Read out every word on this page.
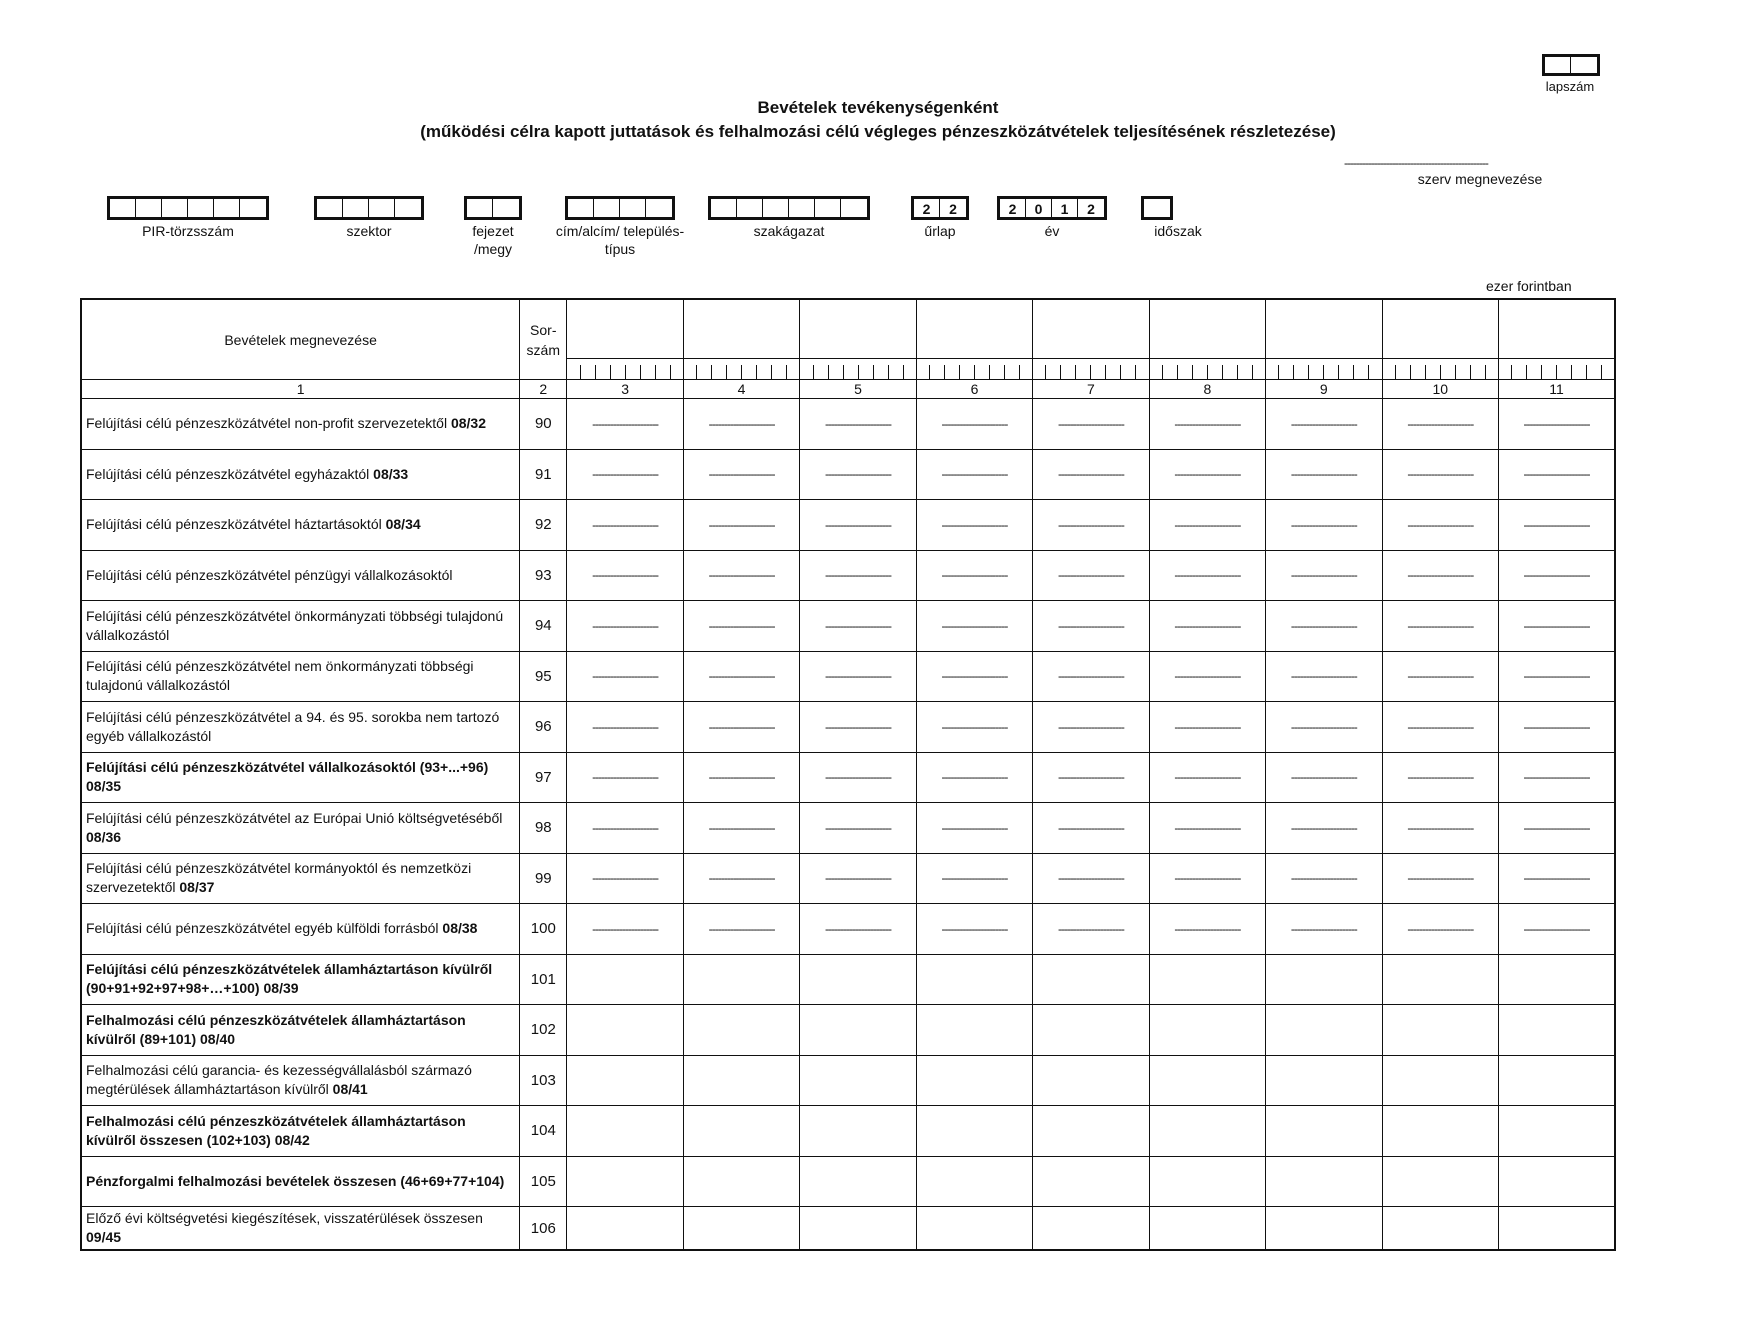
lapszám
Bevételek tevékenységenként
(működési célra kapott juttatások és felhalmozási célú végleges pénzeszközátvételek teljesítésének részletezése)
------------------------------------------------
szerv megnevezése
PIR-törzsszám	szektor	fejezet /megy
cím/alcím/ település-típus
szakágazat
2	2
űrlap
2	0	1	2
év	időszak
ezer forintban
Bevételek megnevezése	Sor- szám									

1	2	3	4	5	6	7	8	9	10	11
Felújítási célú pénzeszközátvétel non-profit szervezetektől 08/32	90	----------------------	----------------------	----------------------	----------------------	----------------------	----------------------	----------------------	----------------------	----------------------
Felújítási célú pénzeszközátvétel egyházaktól 08/33	91	----------------------	----------------------	----------------------	----------------------	----------------------	----------------------	----------------------	----------------------	----------------------
Felújítási célú pénzeszközátvétel háztartásoktól 08/34	92	----------------------	----------------------	----------------------	----------------------	----------------------	----------------------	----------------------	----------------------	----------------------
Felújítási célú pénzeszközátvétel pénzügyi vállalkozásoktól	93	----------------------	----------------------	----------------------	----------------------	----------------------	----------------------	----------------------	----------------------	----------------------
Felújítási célú pénzeszközátvétel önkormányzati többségi tulajdonú vállalkozástól	94	----------------------	----------------------	----------------------	----------------------	----------------------	----------------------	----------------------	----------------------	----------------------
Felújítási célú pénzeszközátvétel nem önkormányzati többségi tulajdonú vállalkozástól	95	----------------------	----------------------	----------------------	----------------------	----------------------	----------------------	----------------------	----------------------	----------------------
Felújítási célú pénzeszközátvétel a 94. és 95. sorokba nem tartozó egyéb vállalkozástól	96	----------------------	----------------------	----------------------	----------------------	----------------------	----------------------	----------------------	----------------------	----------------------
Felújítási célú pénzeszközátvétel vállalkozásoktól (93+...+96) 08/35	97	----------------------	----------------------	----------------------	----------------------	----------------------	----------------------	----------------------	----------------------	----------------------
Felújítási célú pénzeszközátvétel az Európai Unió költségvetéséből 08/36	98	----------------------	----------------------	----------------------	----------------------	----------------------	----------------------	----------------------	----------------------	----------------------
Felújítási célú pénzeszközátvétel kormányoktól és nemzetközi szervezetektől 08/37	99	----------------------	----------------------	----------------------	----------------------	----------------------	----------------------	----------------------	----------------------	----------------------
Felújítási célú pénzeszközátvétel egyéb külföldi forrásból 08/38	100	----------------------	----------------------	----------------------	----------------------	----------------------	----------------------	----------------------	----------------------	----------------------
Felújítási célú pénzeszközátvételek államháztartáson kívülről (90+91+92+97+98+…+100) 08/39	101									
Felhalmozási célú pénzeszközátvételek államháztartáson kívülről (89+101) 08/40	102									
Felhalmozási célú garancia- és kezességvállalásból származó megtérülések államháztartáson kívülről 08/41	103									
Felhalmozási célú pénzeszközátvételek államháztartáson kívülről összesen (102+103) 08/42	104									
Pénzforgalmi felhalmozási bevételek összesen (46+69+77+104)	105									
Előző évi költségvetési kiegészítések, visszatérülések összesen 09/45	106									
